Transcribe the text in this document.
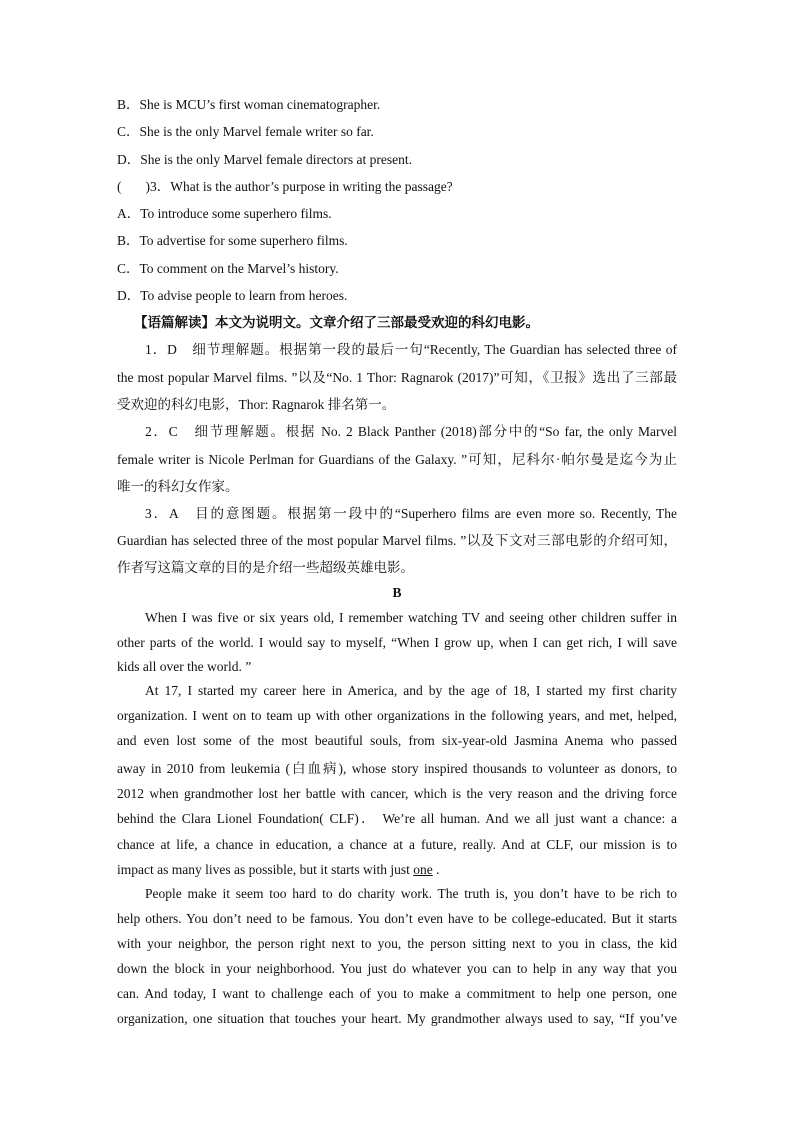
B．She is MCU’s first woman cinematographer.
C．She is the only Marvel female writer so far.
D．She is the only Marvel female directors at present.
( )3．What is the author’s purpose in writing the passage?
A．To introduce some superhero films.
B．To advertise for some superhero films.
C．To comment on the Marvel’s history.
D．To advise people to learn from heroes.
【语篇解读】本文为说明文。文章介绍了三部最受欢迎的科幻电影。
1．D　细节理解题。根据第一段的最后一句“Recently, The Guardian has selected three of
the most popular Marvel films. ”以及“No. 1 Thor: Ragnarok (2017)”可知，《卫报》选出了三部最
受欢迎的科幻电影，Thor: Ragnarok 排名第一。
2．C　细节理解题。根据 No. 2 Black Panther (2018)部分中的“So far, the only Marvel
female writer is Nicole Perlman for Guardians of the Galaxy. ”可知，尼科尔·帕尔曼是迄今为止
唯一的科幻女作家。
3．A　目的意图题。根据第一段中的“Superhero films are even more so. Recently, The
Guardian has selected three of the most popular Marvel films. ”以及下文对三部电影的介绍可知，
作者写这篇文章的目的是介绍一些超级英雄电影。
B
When I was five or six years old, I remember watching TV and seeing other children suffer in
other parts of the world. I would say to myself, “When I grow up, when I can get rich, I will save
kids all over the world. ”
At 17, I started my career here in America, and by the age of 18, I started my first charity
organization. I went on to team up with other organizations in the following years, and met, helped,
and even lost some of the most beautiful souls, from six-year-old Jasmina Anema who passed
away in 2010 from leukemia (白血病), whose story inspired thousands to volunteer as donors, to
2012 when grandmother lost her battle with cancer, which is the very reason and the driving force
behind the Clara Lionel Foundation( CLF)． We’re all human. And we all just want a chance: a
chance at life, a chance in education, a chance at a future, really. And at CLF, our mission is to
impact as many lives as possible, but it starts with just one .
People make it seem too hard to do charity work. The truth is, you don’t have to be rich to
help others. You don’t need to be famous. You don’t even have to be college-educated. But it starts
with your neighbor, the person right next to you, the person sitting next to you in class, the kid
down the block in your neighborhood. You just do whatever you can to help in any way that you
can. And today, I want to challenge each of you to make a commitment to help one person, one
organization, one situation that touches your heart. My grandmother always used to say, “If you’ve
